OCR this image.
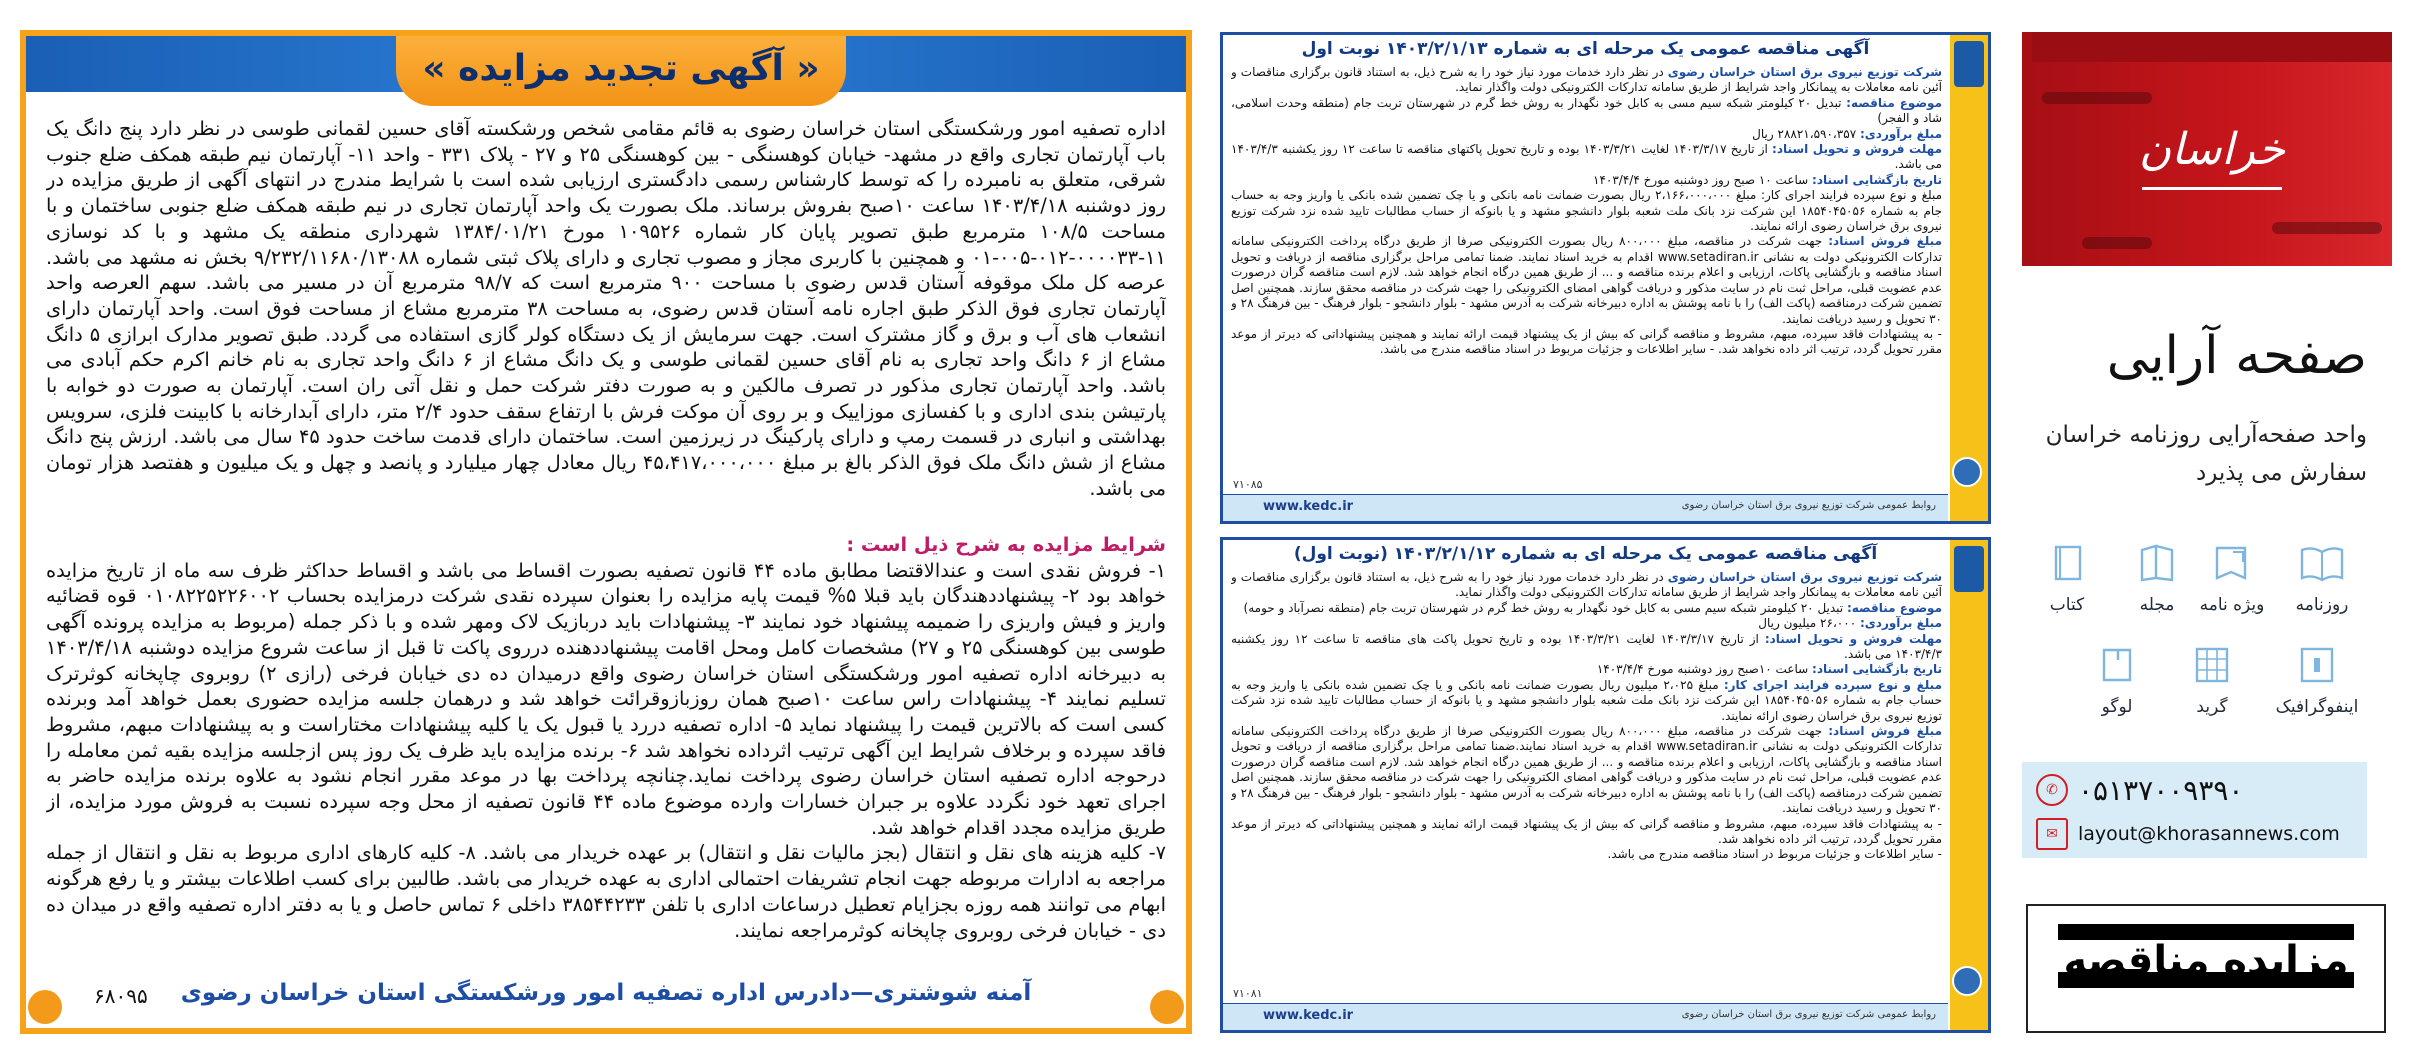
« آگهی تجدید مزایده »

اداره تصفیه امور ورشکستگی استان خراسان رضوی به قائم مقامی شخص ورشکسته آقای حسین لقمانی طوسی در نظر دارد پنج دانگ یک باب آپارتمان تجاری واقع در مشهد- خیابان کوهسنگی - بین کوهسنگی ۲۵ و ۲۷ - پلاک ۳۳۱ - واحد ۱۱- آپارتمان نیم طبقه همکف ضلع جنوب شرقی، متعلق به نامبرده را که توسط کارشناس رسمی دادگستری ارزیابی شده است با شرایط مندرج در انتهای آگهی از طریق مزایده در روز دوشنبه ۱۴۰۳/۴/۱۸ ساعت ۱۰صبح بفروش برساند. ملک بصورت یک واحد آپارتمان تجاری در نیم طبقه همکف ضلع جنوبی ساختمان و با مساحت ۱۰۸/۵ مترمربع طبق تصویر پایان کار شماره ۱۰۹۵۲۶ مورخ ۱۳۸۴/۰۱/۲۱ شهرداری منطقه یک مشهد و با کد نوسازی ۱۱-۰۰۰۰۳۳-۰۱۲-۰۰۵-۰۱ و همچنین با کاربری مجاز و مصوب تجاری و دارای پلاک ثبتی شماره ۹/۲۳۲/۱۱۶۸۰/۱۳۰۸۸ بخش نه مشهد می باشد. عرصه کل ملک موقوفه آستان قدس رضوی با مساحت ۹۰۰ مترمربع است که ۹۸/۷ مترمربع آن در مسیر می باشد. سهم العرصه واحد آپارتمان تجاری فوق الذکر طبق اجاره نامه آستان قدس رضوی، به مساحت ۳۸ مترمربع مشاع از مساحت فوق است. واحد آپارتمان دارای انشعاب های آب و برق و گاز مشترک است. جهت سرمایش از یک دستگاه کولر گازی استفاده می گردد. طبق تصویر مدارک ابرازی ۵ دانگ مشاع از ۶ دانگ واحد تجاری به نام آقای حسین لقمانی طوسی و یک دانگ مشاع از ۶ دانگ واحد تجاری به نام خانم اکرم حکم آبادی می باشد. واحد آپارتمان تجاری مذکور در تصرف مالکین و به صورت دفتر شرکت حمل و نقل آتی ران است. آپارتمان به صورت دو خوابه با پارتیشن بندی اداری و با کفسازی موزاییک و بر روی آن موکت فرش با ارتفاع سقف حدود ۲/۴ متر، دارای آبدارخانه با کابینت فلزی، سرویس بهداشتی و انباری در قسمت رمپ و دارای پارکینگ در زیرزمین است. ساختمان دارای قدمت ساخت حدود ۴۵ سال می باشد. ارزش پنج دانگ مشاع از شش دانگ ملک فوق الذکر بالغ بر مبلغ ۴۵،۴۱۷،۰۰۰،۰۰۰ ریال معادل چهار میلیارد و پانصد و چهل و یک میلیون و هفتصد هزار تومان می باشد.

شرایط مزایده به شرح ذیل است :

۱- فروش نقدی است و عندالاقتضا مطابق ماده ۴۴ قانون تصفیه بصورت اقساط می باشد و اقساط حداکثر ظرف سه ماه از تاریخ مزایده خواهد بود ۲- پیشنهاددهندگان باید قبلا ۵% قیمت پایه مزایده را بعنوان سپرده نقدی شرکت درمزایده بحساب ۰۱۰۸۲۲۵۲۲۶۰۰۲ قوه قضائیه واریز و فیش واریزی را ضمیمه پیشنهاد خود نمایند ۳- پیشنهادات باید دربازیک لاک ومهر شده و با ذکر جمله (مربوط به مزایده پرونده آگهی طوسی بین کوهسنگی ۲۵ و ۲۷) مشخصات کامل ومحل اقامت پیشنهاددهنده درروی پاکت تا قبل از ساعت شروع مزایده دوشنبه ۱۴۰۳/۴/۱۸ به دبیرخانه اداره تصفیه امور ورشکستگی استان خراسان رضوی واقع درمیدان ده دی خیابان فرخی (رازی ۲) روبروی چاپخانه کوثرترک تسلیم نمایند ۴- پیشنهادات راس ساعت ۱۰صبح همان روزبازوقرائت خواهد شد و درهمان جلسه مزایده حضوری بعمل خواهد آمد وبرنده کسی است که بالاترین قیمت را پیشنهاد نماید ۵- اداره تصفیه دررد یا قبول یک یا کلیه پیشنهادات مختاراست و به پیشنهادات مبهم، مشروط فاقد سپرده و برخلاف شرایط این آگهی ترتیب اثرداده نخواهد شد ۶- برنده مزایده باید ظرف یک روز پس ازجلسه مزایده بقیه ثمن معامله را درحوجه اداره تصفیه استان خراسان رضوی پرداخت نماید.چنانچه پرداخت بها در موعد مقرر انجام نشود به علاوه برنده مزایده حاضر به اجرای تعهد خود نگردد علاوه بر جبران خسارات وارده موضوع ماده ۴۴ قانون تصفیه از محل وجه سپرده نسبت به فروش مورد مزایده، از طریق مزایده مجدد اقدام خواهد شد.

۷- کلیه هزینه های نقل و انتقال (بجز مالیات نقل و انتقال) بر عهده خریدار می باشد. ۸- کلیه کارهای اداری مربوط به نقل و انتقال از جمله مراجعه به ادارات مربوطه جهت انجام تشریفات احتمالی اداری به عهده خریدار می باشد. طالبین برای کسب اطلاعات بیشتر و یا رفع هرگونه ابهام می توانند همه روزه بجزایام تعطیل درساعات اداری با تلفن ۳۸۵۴۴۲۳۳ داخلی ۶ تماس حاصل و یا به دفتر اداره تصفیه واقع در میدان ده دی - خیابان فرخی روبروی چاپخانه کوثرمراجعه نمایند.

آمنه شوشتری—دادرس اداره تصفیه امور ورشکستگی استان خراسان رضوی
۶۸۰۹۵
آگهی مناقصه عمومی یک مرحله ای به شماره ۱۴۰۳/۲/۱/۱۳ نوبت اول

شرکت توزیع نیروی برق استان خراسان رضوی در نظر دارد خدمات مورد نیاز خود را به شرح ذیل، به استناد قانون برگزاری مناقصات و آئین نامه معاملات به پیمانکار واجد شرایط از طریق سامانه تدارکات الکترونیکی دولت واگذار نماید.

موضوع مناقصه: تبدیل ۲۰ کیلومتر شبکه سیم مسی به کابل خود نگهدار به روش خط گرم در شهرستان تربت جام (منطقه وحدت اسلامی، شاد و الفجر)

مبلغ برآوردی: ۲۸۸۲۱،۵۹۰،۳۵۷ ریال

مهلت فروش و تحویل اسناد: از تاریخ ۱۴۰۳/۳/۱۷ لغایت ۱۴۰۳/۳/۲۱ بوده و تاریخ تحویل پاکتهای مناقصه تا ساعت ۱۲ روز یکشنبه ۱۴۰۳/۴/۳ می باشد.

تاریخ بازگشایی اسناد: ساعت ۱۰ صبح روز دوشنبه مورخ ۱۴۰۳/۴/۴

مبلغ و نوع سپرده فرایند اجرای کار: مبلغ ۲،۱۶۶،۰۰۰،۰۰۰ ریال بصورت ضمانت نامه بانکی و یا چک تضمین شده بانکی یا واریز وجه به حساب جام به شماره ۱۸۵۴۰۴۵۰۵۶ این شرکت نزد بانک ملت شعبه بلوار دانشجو مشهد و یا بانوکه از حساب مطالبات تایید شده نزد شرکت توزیع نیروی برق خراسان رضوی ارائه نمایند.

مبلغ فروش اسناد: جهت شرکت در مناقصه، مبلغ ۸۰۰،۰۰۰ ریال بصورت الکترونیکی صرفا از طریق درگاه پرداخت الکترونیکی سامانه تدارکات الکترونیکی دولت به نشانی www.setadiran.ir اقدام به خرید اسناد نمایند. ضمنا تمامی مراحل برگزاری مناقصه از دریافت و تحویل اسناد مناقصه و بازگشایی پاکات، ارزیابی و اعلام برنده مناقصه و ... از طریق همین درگاه انجام خواهد شد. لازم است مناقصه گران درصورت عدم عضویت قبلی، مراحل ثبت نام در سایت مذکور و دریافت گواهی امضای الکترونیکی را جهت شرکت در مناقصه محقق سازند. همچنین اصل تضمین شرکت درمناقصه (پاکت الف) را با نامه پوشش به اداره دبیرخانه شرکت به آدرس مشهد - بلوار دانشجو - بلوار فرهنگ - بین فرهنگ ۲۸ و ۳۰ تحویل و رسید دریافت نمایند.

- به پیشنهادات فاقد سپرده، مبهم، مشروط و مناقصه گرانی که بیش از یک پیشنهاد قیمت ارائه نمایند و همچنین پیشنهاداتی که دیرتر از موعد مقرر تحویل گردد، ترتیب اثر داده نخواهد شد. - سایر اطلاعات و جزئیات مربوط در اسناد مناقصه مندرج می باشد.

۷۱۰۸۵
www.kedc.ir	روابط عمومی شرکت توزیع نیروی برق استان خراسان رضوی
آگهی مناقصه عمومی یک مرحله ای به شماره ۱۴۰۳/۲/۱/۱۲ (نوبت اول)

شرکت توزیع نیروی برق استان خراسان رضوی در نظر دارد خدمات مورد نیاز خود را به شرح ذیل، به استناد قانون برگزاری مناقصات و آئین نامه معاملات به پیمانکار واجد شرایط از طریق سامانه تدارکات الکترونیکی دولت واگذار نماید.

موضوع مناقصه: تبدیل ۲۰ کیلومتر شبکه سیم مسی به کابل خود نگهدار به روش خط گرم در شهرستان تربت جام (منطقه نصرآباد و حومه)

مبلغ برآوردی: ۲۶،۰۰۰ میلیون ریال

مهلت فروش و تحویل اسناد: از تاریخ ۱۴۰۳/۳/۱۷ لغایت ۱۴۰۳/۳/۲۱ بوده و تاریخ تحویل پاکت های مناقصه تا ساعت ۱۲ روز یکشنبه ۱۴۰۳/۴/۳ می باشد.

تاریخ بازگشایی اسناد: ساعت ۱۰صبح روز دوشنبه مورخ ۱۴۰۳/۴/۴

مبلغ و نوع سپرده فرایند اجرای کار: مبلغ ۲،۰۲۵ میلیون ریال بصورت ضمانت نامه بانکی و یا چک تضمین شده بانکی یا واریز وجه به حساب جام به شماره ۱۸۵۴۰۴۵۰۵۶ این شرکت نزد بانک ملت شعبه بلوار دانشجو مشهد و یا بانوکه از حساب مطالبات تایید شده نزد شرکت توزیع نیروی برق خراسان رضوی ارائه نمایند.

مبلغ فروش اسناد: جهت شرکت در مناقصه، مبلغ ۸۰۰،۰۰۰ ریال بصورت الکترونیکی صرفا از طریق درگاه پرداخت الکترونیکی سامانه تدارکات الکترونیکی دولت به نشانی www.setadiran.ir اقدام به خرید اسناد نمایند.ضمنا تمامی مراحل برگزاری مناقصه از دریافت و تحویل اسناد مناقصه و بازگشایی پاکات، ارزیابی و اعلام برنده مناقصه و ... از طریق همین درگاه انجام خواهد شد. لازم است مناقصه گران درصورت عدم عضویت قبلی، مراحل ثبت نام در سایت مذکور و دریافت گواهی امضای الکترونیکی را جهت شرکت در مناقصه محقق سازند. همچنین اصل تضمین شرکت درمناقصه (پاکت الف) را با نامه پوشش به اداره دبیرخانه شرکت به آدرس مشهد - بلوار دانشجو - بلوار فرهنگ - بین فرهنگ ۲۸ و ۳۰ تحویل و رسید دریافت نمایند.

- به پیشنهادات فاقد سپرده، مبهم، مشروط و مناقصه گرانی که بیش از یک پیشنهاد قیمت ارائه نمایند و همچنین پیشنهاداتی که دیرتر از موعد مقرر تحویل گردد، ترتیب اثر داده نخواهد شد.

- سایر اطلاعات و جزئیات مربوط در اسناد مناقصه مندرج می باشد.

۷۱۰۸۱
www.kedc.ir	روابط عمومی شرکت توزیع نیروی برق استان خراسان رضوی
خراسان
صفحه آرایی
واحد صفحه‌آرایی روزنامه خراسان سفارش می پذیرد
روزنامه
ویژه نامه
مجله
کتاب
اینفوگرافیک
گرید
لوگو
✆ ۰۵۱۳۷۰۰۹۳۹۰
✉	layout@khorasannews.com
مزایده مناقصه
